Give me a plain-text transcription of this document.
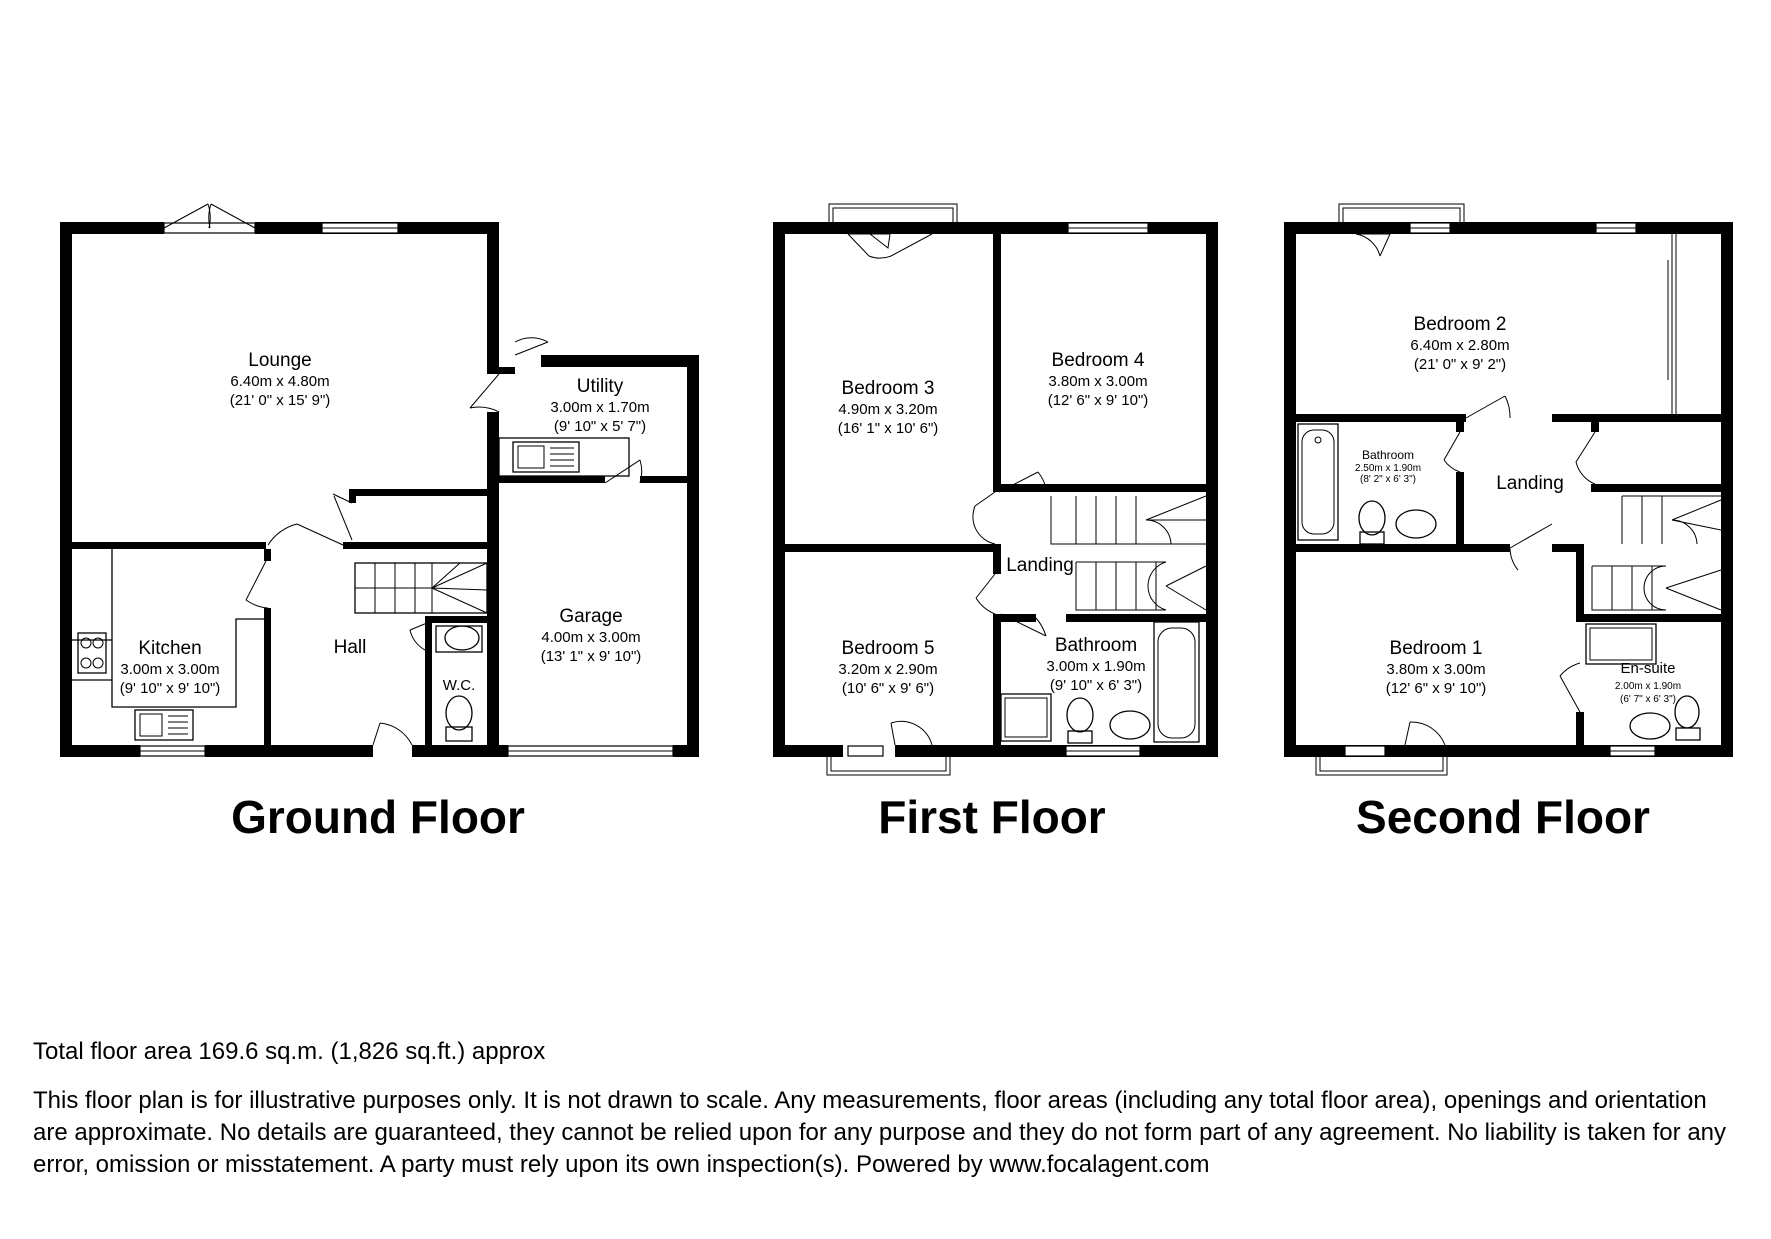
Lounge
6.40m x 4.80m
(21' 0" x 15' 9")
Utility
3.00m x 1.70m
(9' 10" x 5' 7")
Kitchen
3.00m x 3.00m
(9' 10" x 9' 10")
Hall
W.C.
Garage
4.00m x 3.00m
(13' 1" x 9' 10")
Bedroom 3
4.90m x 3.20m
(16' 1" x 10' 6")
Bedroom 4
3.80m x 3.00m
(12' 6" x 9' 10")
Landing
Bedroom 5
3.20m x 2.90m
(10' 6" x 9' 6")
Bathroom
3.00m x 1.90m
(9' 10" x 6' 3")
Bedroom 2
6.40m x 2.80m
(21' 0" x 9' 2")
Bathroom
2.50m x 1.90m
(8' 2" x 6' 3")	Landing
Bedroom 1
3.80m x 3.00m
(12' 6" x 9' 10")
En-suite
2.00m x 1.90m
(6' 7" x 6' 3")
Ground Floor	First Floor	Second Floor
Total floor area 169.6 sq.m. (1,826 sq.ft.) approx
This floor plan is for illustrative purposes only. It is not drawn to scale. Any measurements, floor areas (including any total floor area), openings and orientation are approximate. No details are guaranteed, they cannot be relied upon for any purpose and they do not form part of any agreement. No liability is taken for any error, omission or misstatement. A party must rely upon its own inspection(s). Powered by www.focalagent.com
